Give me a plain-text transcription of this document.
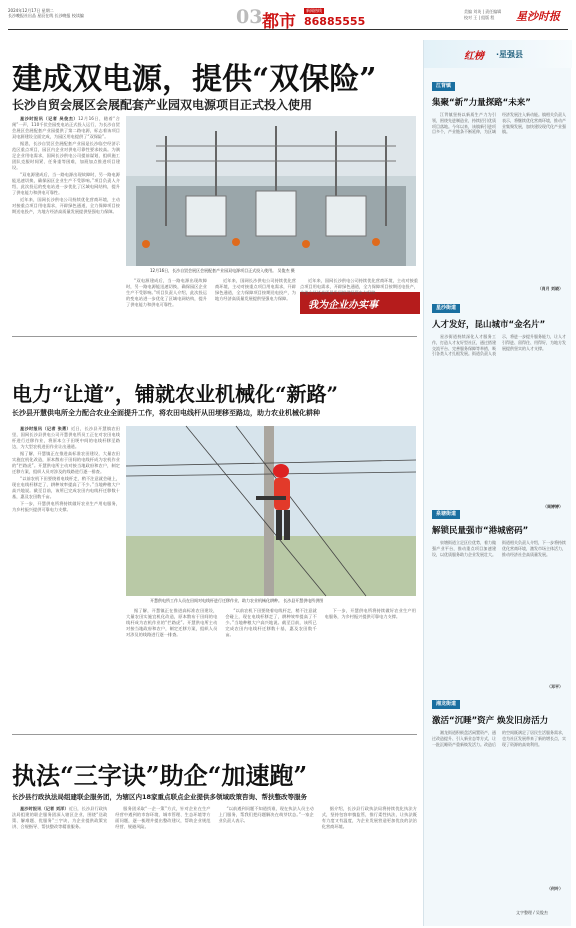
2024年12月17日 星期二
长沙晚报社出品 星辰在线 长沙晚报 校读编	03 都市
新闻热线
86885555
美编 刘英 | 责任编辑
校对 王 | 组版 程	星沙时报
建成双电源，提供“双保险”
长沙自贸会展区会展配套产业园双电源项目正式投入使用

星沙时报讯（记者 吴俊杰）12月16日，随着“合闸”一声，110千伏会园变电站正式投入运行，为长沙自贸会展区会展配套产业园提供了第二路电源，标志着该项目双电源建设全面完成，为园区用电提供了“双保险”。

据悉，长沙自贸区会展配套产业园是长沙临空经济示范区重点项目，园区内企业对供电可靠性要求较高。为满足企业用电需求，国网长沙供电公司提前谋划，组织施工团队克服时间紧、任务重等困难，加班加点推进项目建设。

“双电源建成后，当一路电源出现故障时，另一路电源能迅速切换，确保园区企业生产不受影响。”项目负责人介绍，此次投运的变电站进一步优化了区域电网结构，提升了供电能力和供电可靠性。

近年来，国网长沙供电公司持续优化营商环境，主动对接重点项目用电需求，开辟绿色通道，全力保障项目按期送电投产，为地方经济高质量发展提供坚强电力保障。

12月16日，长沙自贸会展区会展配套产业园双电源项目正式投入使用。 吴俊杰 摄

“双电源建成后，当一路电源出现故障时，另一路电源能迅速切换，确保园区企业生产不受影响。”项目负责人介绍，此次投运的变电站进一步优化了区域电网结构，提升了供电能力和供电可靠性。

近年来，国网长沙供电公司持续优化营商环境，主动对接重点项目用电需求，开辟绿色通道，全力保障项目按期送电投产，为地方经济高质量发展提供坚强电力保障。

我为企业办实事

近年来，国网长沙供电公司持续优化营商环境，主动对接重点项目用电需求，开辟绿色通道，全力保障项目按期送电投产，为地方经济高质量发展提供坚强电力保障。

电力“让道”，铺就农业机械化“新路”
长沙县开慧供电所全力配合农业全面提升工作，将农田电线杆从田埂移至路边，助力农业机械化耕种

星沙时报讯（记者 张勇）近日，长沙县开慧镇农田里，国网长沙县供电公司开慧供电所员工正在对农田电线杆进行迁移作业，将原本立于田埂中间的电线杆移至路边，为大型农机进田作业让出通道。

据了解，开慧镇正在推进高标准农田建设，大量农田实施宜机化改造，原本散布于田间的电线杆成为农机作业的“拦路虎”。开慧供电所主动对接当地政府和农户，制定迁移方案，组织人员对涉及的线路进行逐一排查。

“以前农机下田要绕着电线杆走，稍不注意就会碰上，现在电线杆移走了，耕种效率提高了不少。”当地种粮大户高兴地说。截至目前，该所已完成农田内电线杆迁移数十基，惠及农田数千亩。

下一步，开慧供电所将持续做好农业生产用电服务，为乡村振兴提供可靠电力支撑。

开慧供电所工作人员在田间对电线杆进行迁移作业，助力农业机械化耕种。 长沙县开慧供电所供图

据了解，开慧镇正在推进高标准农田建设，大量农田实施宜机化改造，原本散布于田间的电线杆成为农机作业的“拦路虎”。开慧供电所主动对接当地政府和农户，制定迁移方案，组织人员对涉及的线路进行逐一排查。

“以前农机下田要绕着电线杆走，稍不注意就会碰上，现在电线杆移走了，耕种效率提高了不少。”当地种粮大户高兴地说。截至目前，该所已完成农田内电线杆迁移数十基，惠及农田数千亩。

下一步，开慧供电所将持续做好农业生产用电服务，为乡村振兴提供可靠电力支撑。

执法“三字诀”助企“加速跑”
长沙县行政执法局组建联企服务团，为辖区内18家重点联点企业提供多领域政策咨询、帮扶整改等服务

星沙时报讯（记者 刘洋）近日，长沙县行政执法局组建的联企服务团深入辖区企业，围绕“送政策、解难题、优服务”三字诀，为企业提供政策宣讲、合规指导、帮扶整改等精准服务。

服务团采取“一企一策”方式，针对企业在生产经营中遇到的市容环境、城市管理、生态环境等方面问题，逐一梳理并提出整改建议，帮助企业规范经营、规避风险。

“以前遇到问题不知道找谁，现在执法人员主动上门服务，帮我们把问题解决在萌芽状态。”一家企业负责人表示。

据介绍，长沙县行政执法局将持续优化执法方式，坚持包容审慎监管，推行柔性执法，让执法既有力度又有温度，为企业发展营造更加优良的法治化营商环境。

红榜 ·星强县
江背镇
集聚“新”力量探路“未来”

江背镇坚持以新质生产力为引领，围绕先进制造业，持续招引优质项目落地。今年以来，该镇新引进项目多个，产业链条不断延伸，为区域经济发展注入新动能。镇相关负责人表示，将继续优化营商环境，推动产业集聚发展，加快建设现代化产业强镇。

（肖月 刘晓）
星沙街道
人才发好，昆山城市“金名片”

星沙街道持续深化人才服务工作，打造人才友好型社区，通过搭建交流平台、完善服务保障等举措，吸引各类人才扎根发展。街道负责人表示，将进一步提升服务能力，让人才引得进、留得住、用得好，为地方发展提供坚实的人才支撑。

（周婷婷）
泉塘街道
解锁民量强市“港城密码”

泉塘街道立足区位优势，着力做强产业平台，推动重点项目加速建设，以优质服务助力企业发展壮大。街道相关负责人介绍，下一步将持续优化营商环境，激发市场主体活力，推动经济社会高质量发展。

（邓平）
湘龙街道
激活“沉睡”资产 焕发旧房活力

湘龙街道积极盘活闲置资产，通过改造提升、引入新业态等方式，让一批沉睡资产重新焕发活力。改造后的空间既满足了居民生活服务需求，也为社区发展带来了新的增长点，实现了资源的高效利用。

（何叶）
文字整理 / 吴俊杰
